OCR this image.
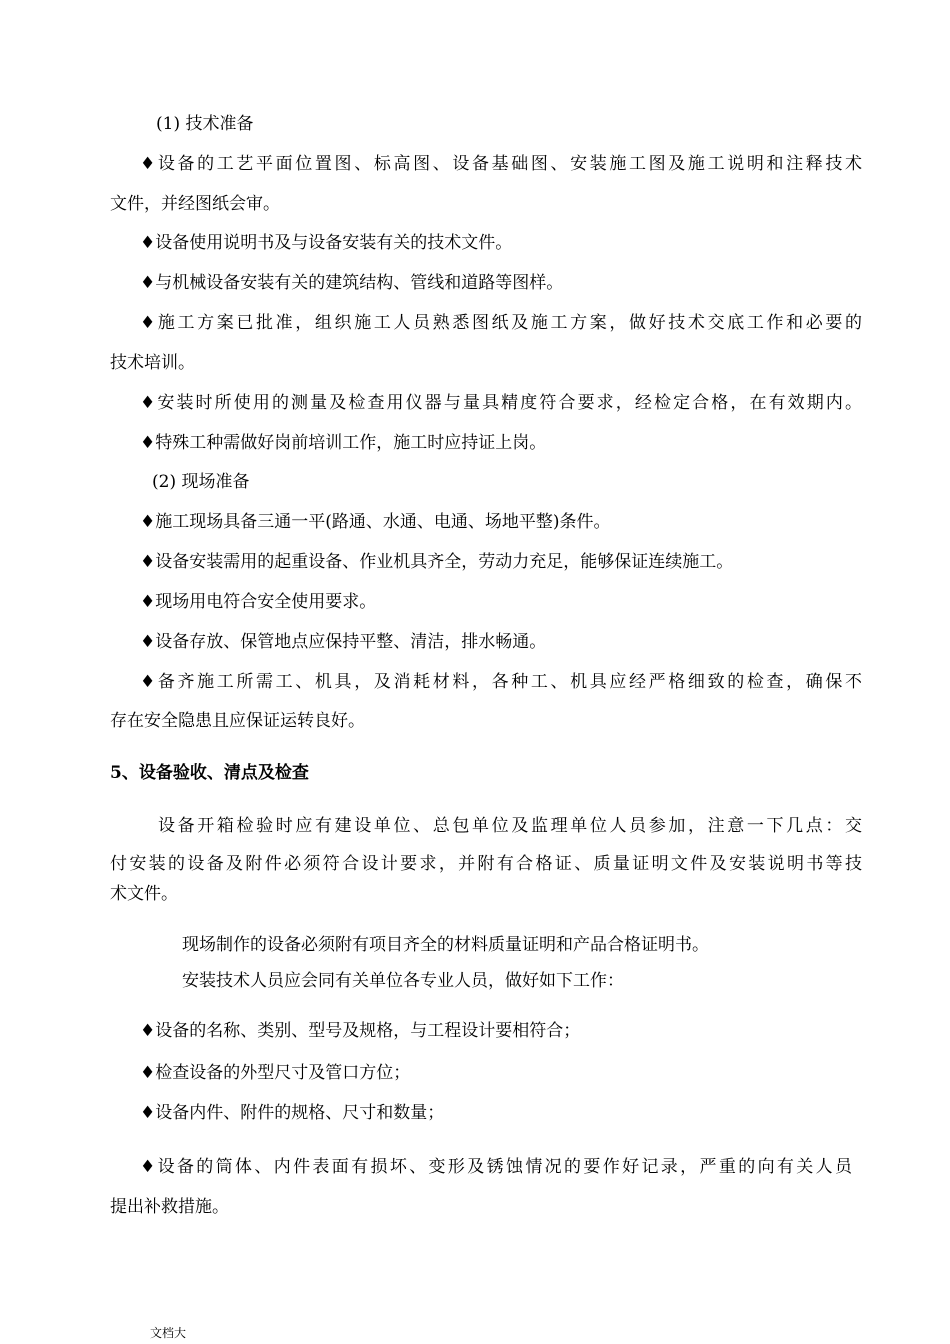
(1) 技术准备
♦设备的工艺平面位置图、标高图、设备基础图、安装施工图及施工说明和注释技术
文件，并经图纸会审。
♦设备使用说明书及与设备安装有关的技术文件。
♦与机械设备安装有关的建筑结构、管线和道路等图样。
♦施工方案已批准，组织施工人员熟悉图纸及施工方案，做好技术交底工作和必要的
技术培训。
♦安装时所使用的测量及检查用仪器与量具精度符合要求，经检定合格，在有效期内。
♦特殊工种需做好岗前培训工作，施工时应持证上岗。
(2) 现场准备
♦施工现场具备三通一平(路通、水通、电通、场地平整)条件。
♦设备安装需用的起重设备、作业机具齐全，劳动力充足，能够保证连续施工。
♦现场用电符合安全使用要求。
♦设备存放、保管地点应保持平整、清洁，排水畅通。
♦备齐施工所需工、机具，及消耗材料，各种工、机具应经严格细致的检查，确保不
存在安全隐患且应保证运转良好。
5、设备验收、清点及检查
设备开箱检验时应有建设单位、总包单位及监理单位人员参加，注意一下几点：交
付安装的设备及附件必须符合设计要求，并附有合格证、质量证明文件及安装说明书等技
术文件。
现场制作的设备必须附有项目齐全的材料质量证明和产品合格证明书。
安装技术人员应会同有关单位各专业人员，做好如下工作：
♦设备的名称、类别、型号及规格，与工程设计要相符合；
♦检查设备的外型尺寸及管口方位；
♦设备内件、附件的规格、尺寸和数量；
♦设备的筒体、内件表面有损坏、变形及锈蚀情况的要作好记录，严重的向有关人员
提出补救措施。
文档大
